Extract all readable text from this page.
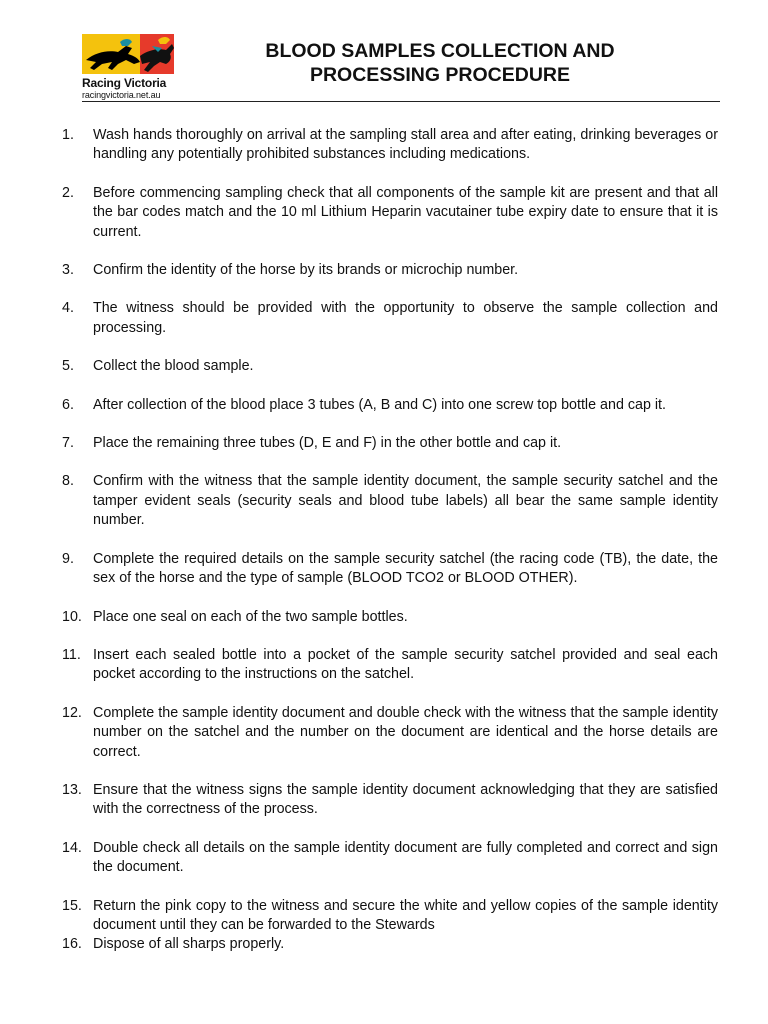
Racing Victoria
racingvictoria.net.au
BLOOD SAMPLES COLLECTION AND
PROCESSING PROCEDURE
1. Wash hands thoroughly on arrival at the sampling stall area and after eating, drinking beverages or handling any potentially prohibited substances including medications.
2. Before commencing sampling check that all components of the sample kit are present and that all the bar codes match and the 10 ml Lithium Heparin vacutainer tube expiry date to ensure that it is current.
3. Confirm the identity of the horse by its brands or microchip number.
4. The witness should be provided with the opportunity to observe the sample collection and processing.
5. Collect the blood sample.
6. After collection of the blood place 3 tubes (A, B and C) into one screw top bottle and cap it.
7. Place the remaining three tubes (D, E and F) in the other bottle and cap it.
8. Confirm with the witness that the sample identity document, the sample security satchel and the tamper evident seals (security seals and blood tube labels) all bear the same sample identity number.
9. Complete the required details on the sample security satchel (the racing code (TB), the date, the sex of the horse and the type of sample (BLOOD TCO2 or BLOOD OTHER).
10. Place one seal on each of the two sample bottles.
11. Insert each sealed bottle into a pocket of the sample security satchel provided and seal each pocket according to the instructions on the satchel.
12. Complete the sample identity document and double check with the witness that the sample identity number on the satchel and the number on the document are identical and the horse details are correct.
13. Ensure that the witness signs the sample identity document acknowledging that they are satisfied with the correctness of the process.
14. Double check all details on the sample identity document are fully completed and correct and sign the document.
15. Return the pink copy to the witness and secure the white and yellow copies of the sample identity document until they can be forwarded to the Stewards
16. Dispose of all sharps properly.
